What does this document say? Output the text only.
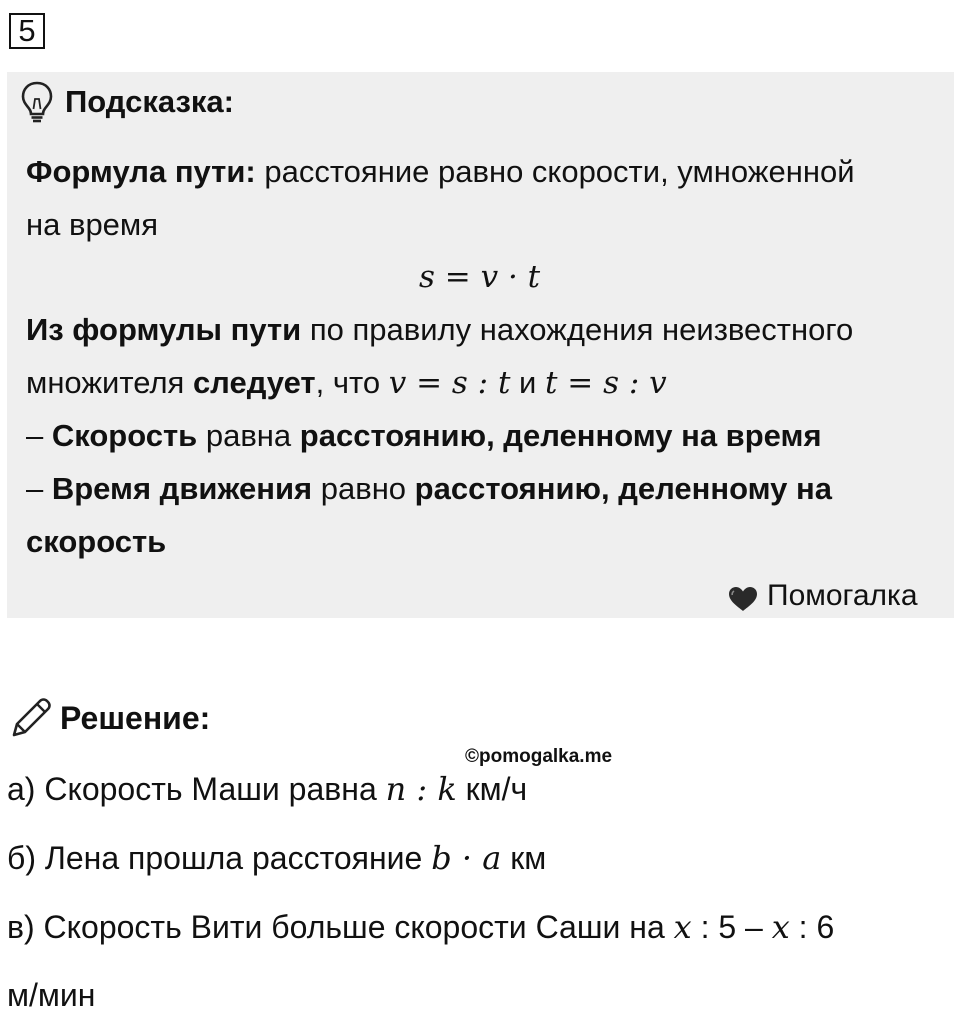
5
Подсказка:
Формула пути: расстояние равно скорости, умноженной
на время
s = v · t
Из формулы пути по правилу нахождения неизвестного
множителя следует, что v = s : t и t = s : v
– Скорость равна расстоянию, деленному на время
– Время движения равно расстоянию, деленному на
скорость
Помогалка
Решение:
©pomogalka.me
а) Скорость Маши равна n : k км/ч
б) Лена прошла расстояние b · a км
в) Скорость Вити больше скорости Саши на x : 5 – x : 6
м/мин
